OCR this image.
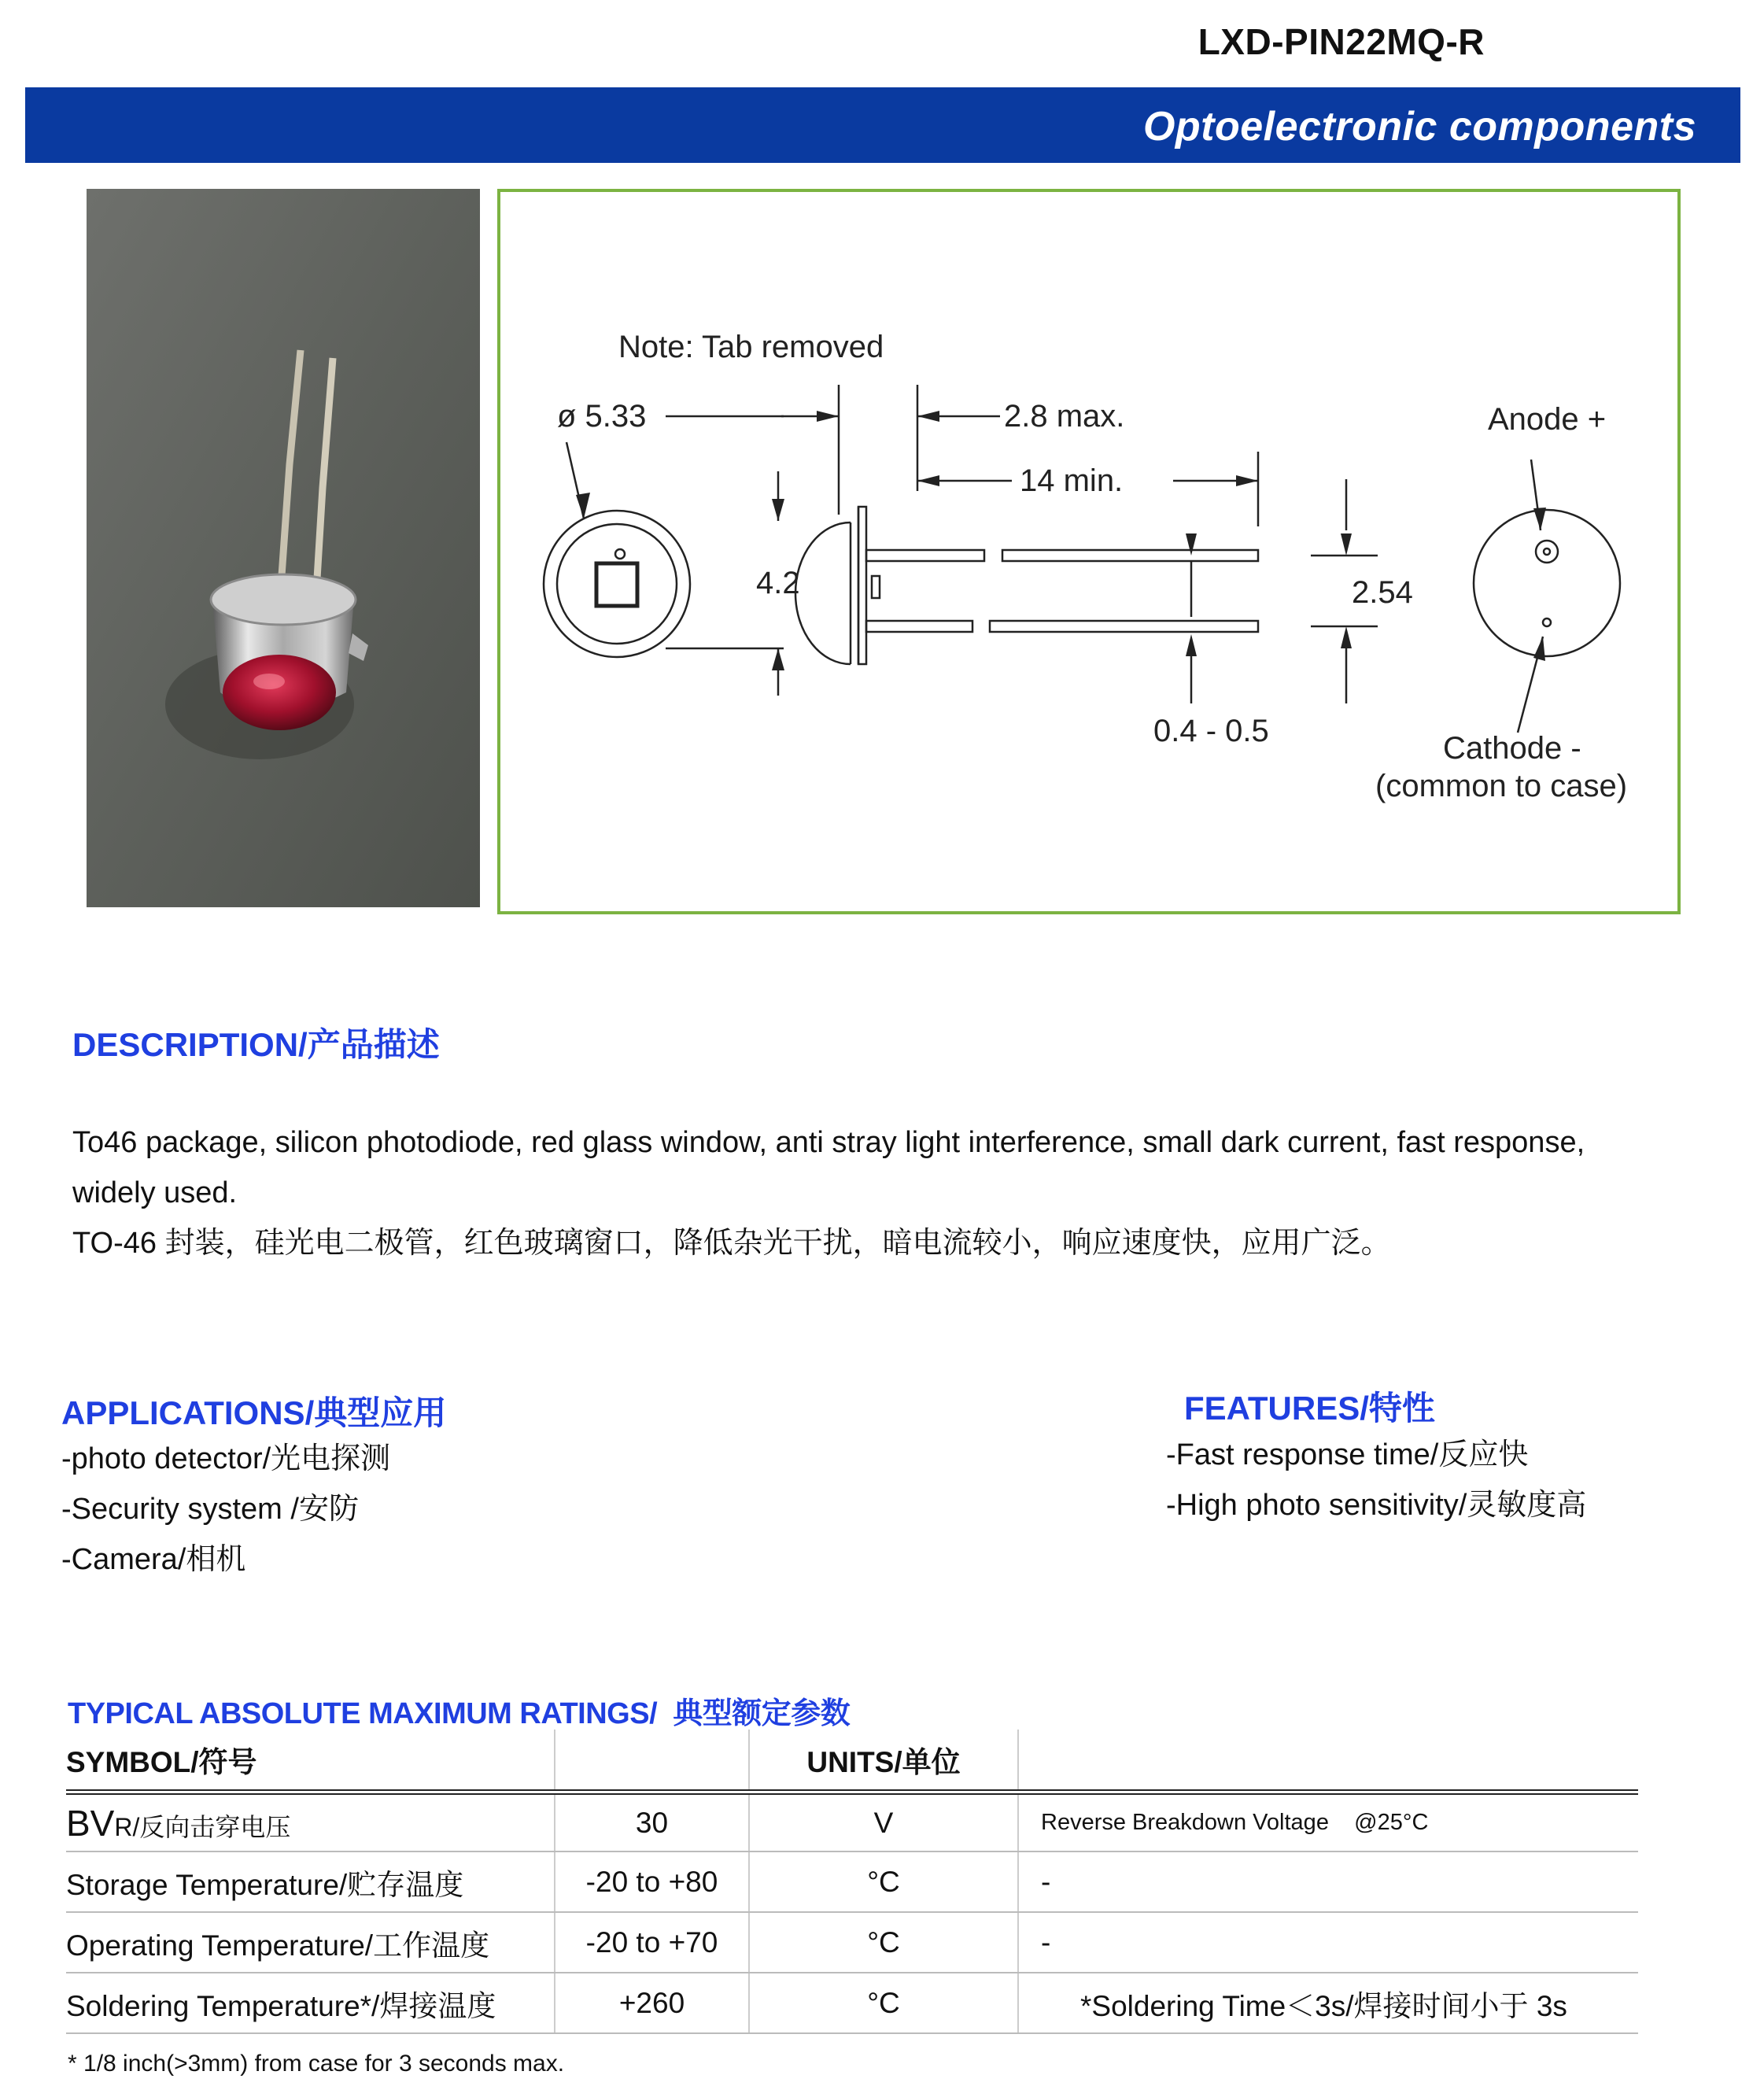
LXD-PIN22MQ-R
Optoelectronic components
Note: Tab removed
ø 5.33
4.2
2.8 max.
14 min.
2.54
0.4 - 0.5
Anode +
Cathode -
(common to case)
DESCRIPTION/产品描述
To46 package, silicon photodiode, red glass window, anti stray light interference, small dark current, fast response, widely used.
TO-46 封装，硅光电二极管，红色玻璃窗口，降低杂光干扰，暗电流较小，响应速度快，应用广泛。
APPLICATIONS/典型应用
-photo detector/光电探测
-Security system /安防
-Camera/相机
FEATURES/特性
-Fast response time/反应快
-High photo sensitivity/灵敏度高
TYPICAL ABSOLUTE MAXIMUM RATINGS/  典型额定参数
SYMBOL/符号		UNITS/单位	
BVR/反向击穿电压	30	V	Reverse Breakdown Voltage    @25°C
Storage Temperature/贮存温度	-20 to +80	°C	-
Operating Temperature/工作温度	-20 to +70	°C	-
Soldering Temperature*/焊接温度	+260	°C	*Soldering Time＜3s/焊接时间小于 3s
* 1/8 inch(>3mm) from case for 3 seconds max.
